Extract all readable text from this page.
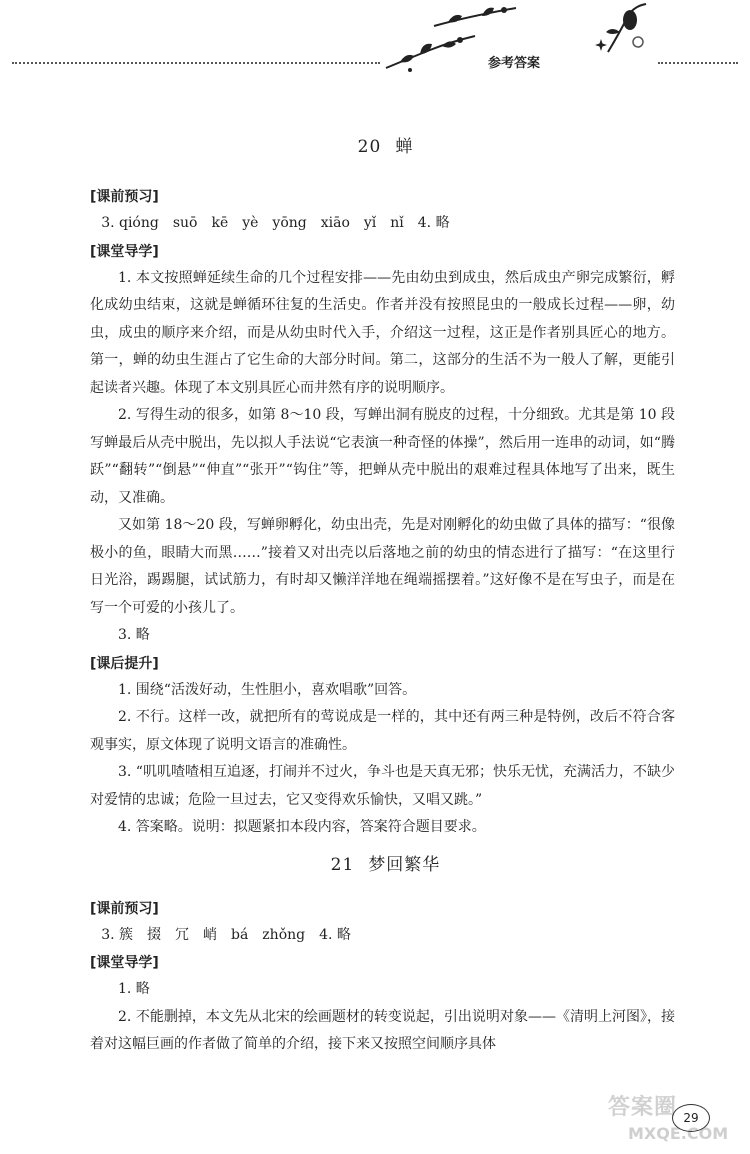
参考答案
20 蝉
[课前预习]

3. qióng　suō　kē　yè　yōng　xiāo　yǐ　nǐ　4. 略

[课堂导学]

1. 本文按照蝉延续生命的几个过程安排——先由幼虫到成虫，然后成虫产卵完成繁衍，孵化成幼虫结束，这就是蝉循环往复的生活史。作者并没有按照昆虫的一般成长过程——卵，幼虫，成虫的顺序来介绍，而是从幼虫时代入手，介绍这一过程，这正是作者别具匠心的地方。第一，蝉的幼虫生涯占了它生命的大部分时间。第二，这部分的生活不为一般人了解，更能引起读者兴趣。体现了本文别具匠心而井然有序的说明顺序。

2. 写得生动的很多，如第 8～10 段，写蝉出洞有脱皮的过程，十分细致。尤其是第 10 段写蝉最后从壳中脱出，先以拟人手法说“它表演一种奇怪的体操”，然后用一连串的动词，如“腾跃”“翻转”“倒悬”“伸直”“张开”“钩住”等，把蝉从壳中脱出的艰难过程具体地写了出来，既生动，又准确。

又如第 18～20 段，写蝉卵孵化，幼虫出壳，先是对刚孵化的幼虫做了具体的描写：“很像极小的鱼，眼睛大而黑……”接着又对出壳以后落地之前的幼虫的情态进行了描写：“在这里行日光浴，踢踢腿，试试筋力，有时却又懒洋洋地在绳端摇摆着。”这好像不是在写虫子，而是在写一个可爱的小孩儿了。

3. 略

[课后提升]

1. 围绕“活泼好动，生性胆小，喜欢唱歌”回答。

2. 不行。这样一改，就把所有的莺说成是一样的，其中还有两三种是特例，改后不符合客观事实，原文体现了说明文语言的准确性。

3. “叽叽喳喳相互追逐，打闹并不过火，争斗也是天真无邪；快乐无忧，充满活力，不缺少对爱情的忠诚；危险一旦过去，它又变得欢乐愉快，又唱又跳。”

4. 答案略。说明：拟题紧扣本段内容，答案符合题目要求。

21 梦回繁华
[课前预习]

3. 簇　掇　冗　峭　bá　zhǒng　4. 略

[课堂导学]

1. 略

2. 不能删掉，本文先从北宋的绘画题材的转变说起，引出说明对象——《清明上河图》，接着对这幅巨画的作者做了简单的介绍，接下来又按照空间顺序具体

答案圈
MXQE.COM
29
